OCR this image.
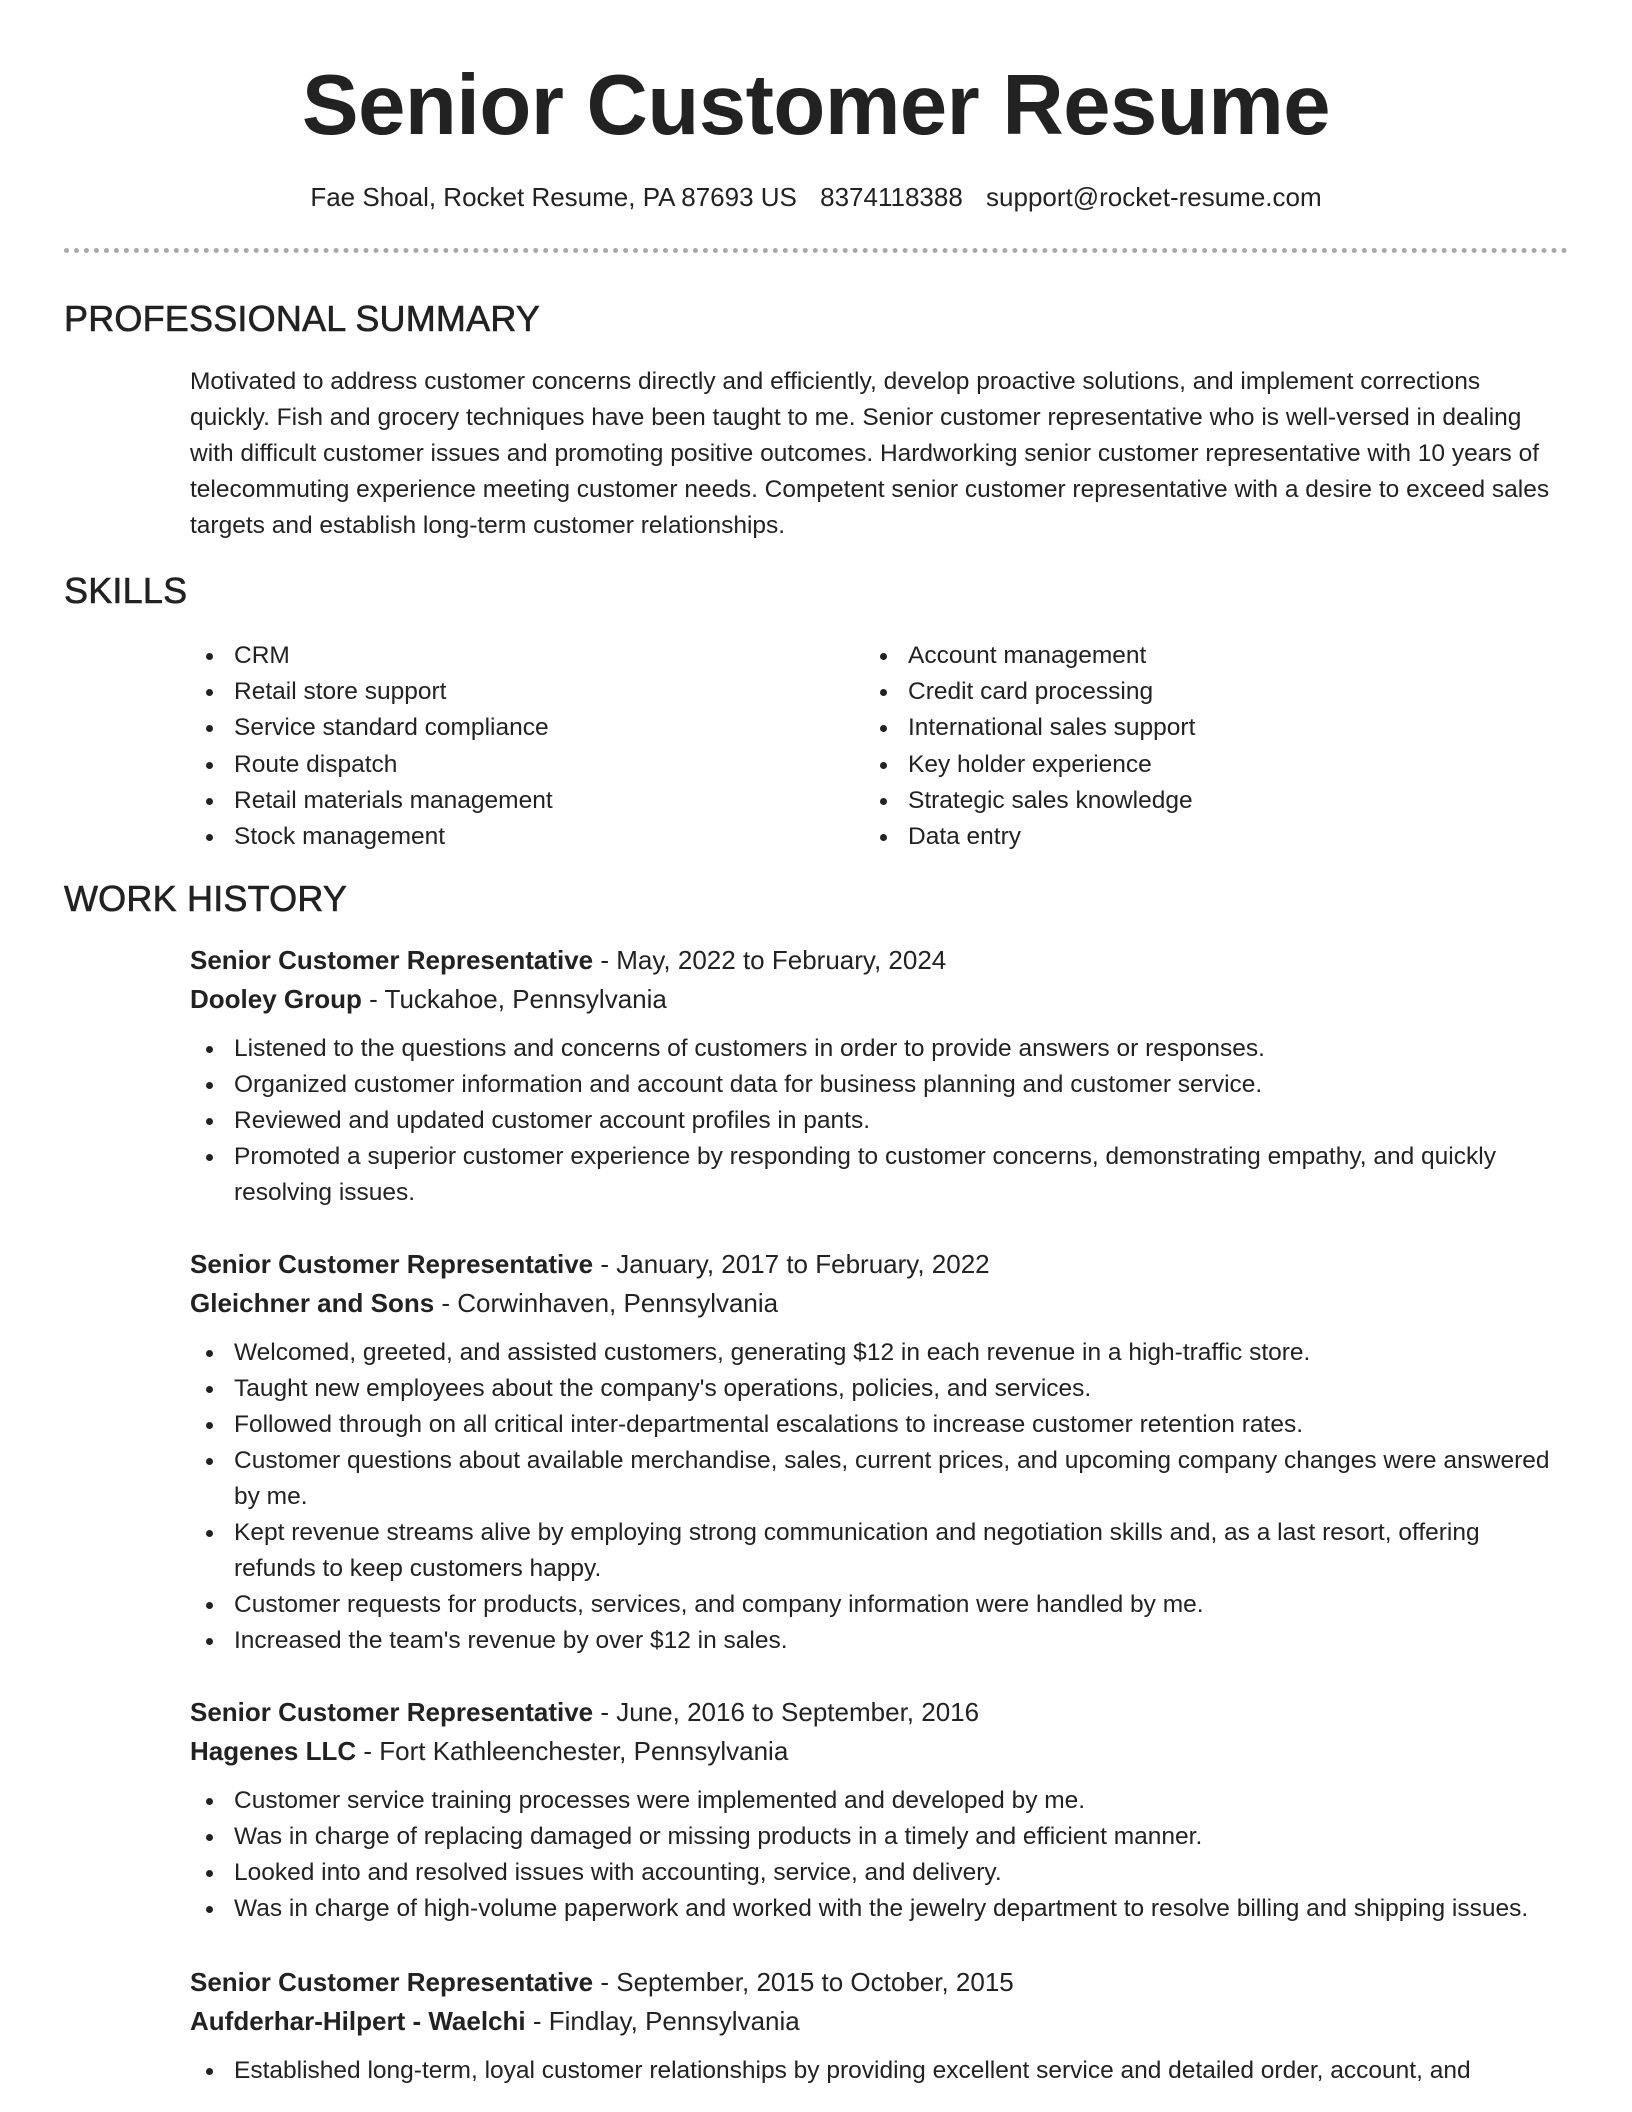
Senior Customer Resume
Fae Shoal, Rocket Resume, PA 87693 US 8374118388 support@rocket-resume.com
PROFESSIONAL SUMMARY

Motivated to address customer concerns directly and efficiently, develop proactive solutions, and implement corrections quickly. Fish and grocery techniques have been taught to me. Senior customer representative who is well-versed in dealing with difficult customer issues and promoting positive outcomes. Hardworking senior customer representative with 10 years of telecommuting experience meeting customer needs. Competent senior customer representative with a desire to exceed sales targets and establish long-term customer relationships.

SKILLS
CRM
Retail store support
Service standard compliance
Route dispatch
Retail materials management
Stock management
Account management
Credit card processing
International sales support
Key holder experience
Strategic sales knowledge
Data entry
WORK HISTORY

Senior Customer Representative - May, 2022 to February, 2024

Dooley Group - Tuckahoe, Pennsylvania

Listened to the questions and concerns of customers in order to provide answers or responses.
Organized customer information and account data for business planning and customer service.
Reviewed and updated customer account profiles in pants.
Promoted a superior customer experience by responding to customer concerns, demonstrating empathy, and quickly resolving issues.

Senior Customer Representative - January, 2017 to February, 2022

Gleichner and Sons - Corwinhaven, Pennsylvania

Welcomed, greeted, and assisted customers, generating $12 in each revenue in a high-traffic store.
Taught new employees about the company's operations, policies, and services.
Followed through on all critical inter-departmental escalations to increase customer retention rates.
Customer questions about available merchandise, sales, current prices, and upcoming company changes were answered by me.
Kept revenue streams alive by employing strong communication and negotiation skills and, as a last resort, offering refunds to keep customers happy.
Customer requests for products, services, and company information were handled by me.
Increased the team's revenue by over $12 in sales.

Senior Customer Representative - June, 2016 to September, 2016

Hagenes LLC - Fort Kathleenchester, Pennsylvania

Customer service training processes were implemented and developed by me.
Was in charge of replacing damaged or missing products in a timely and efficient manner.
Looked into and resolved issues with accounting, service, and delivery.
Was in charge of high-volume paperwork and worked with the jewelry department to resolve billing and shipping issues.

Senior Customer Representative - September, 2015 to October, 2015

Aufderhar-Hilpert - Waelchi - Findlay, Pennsylvania

Established long-term, loyal customer relationships by providing excellent service and detailed order, account, and
